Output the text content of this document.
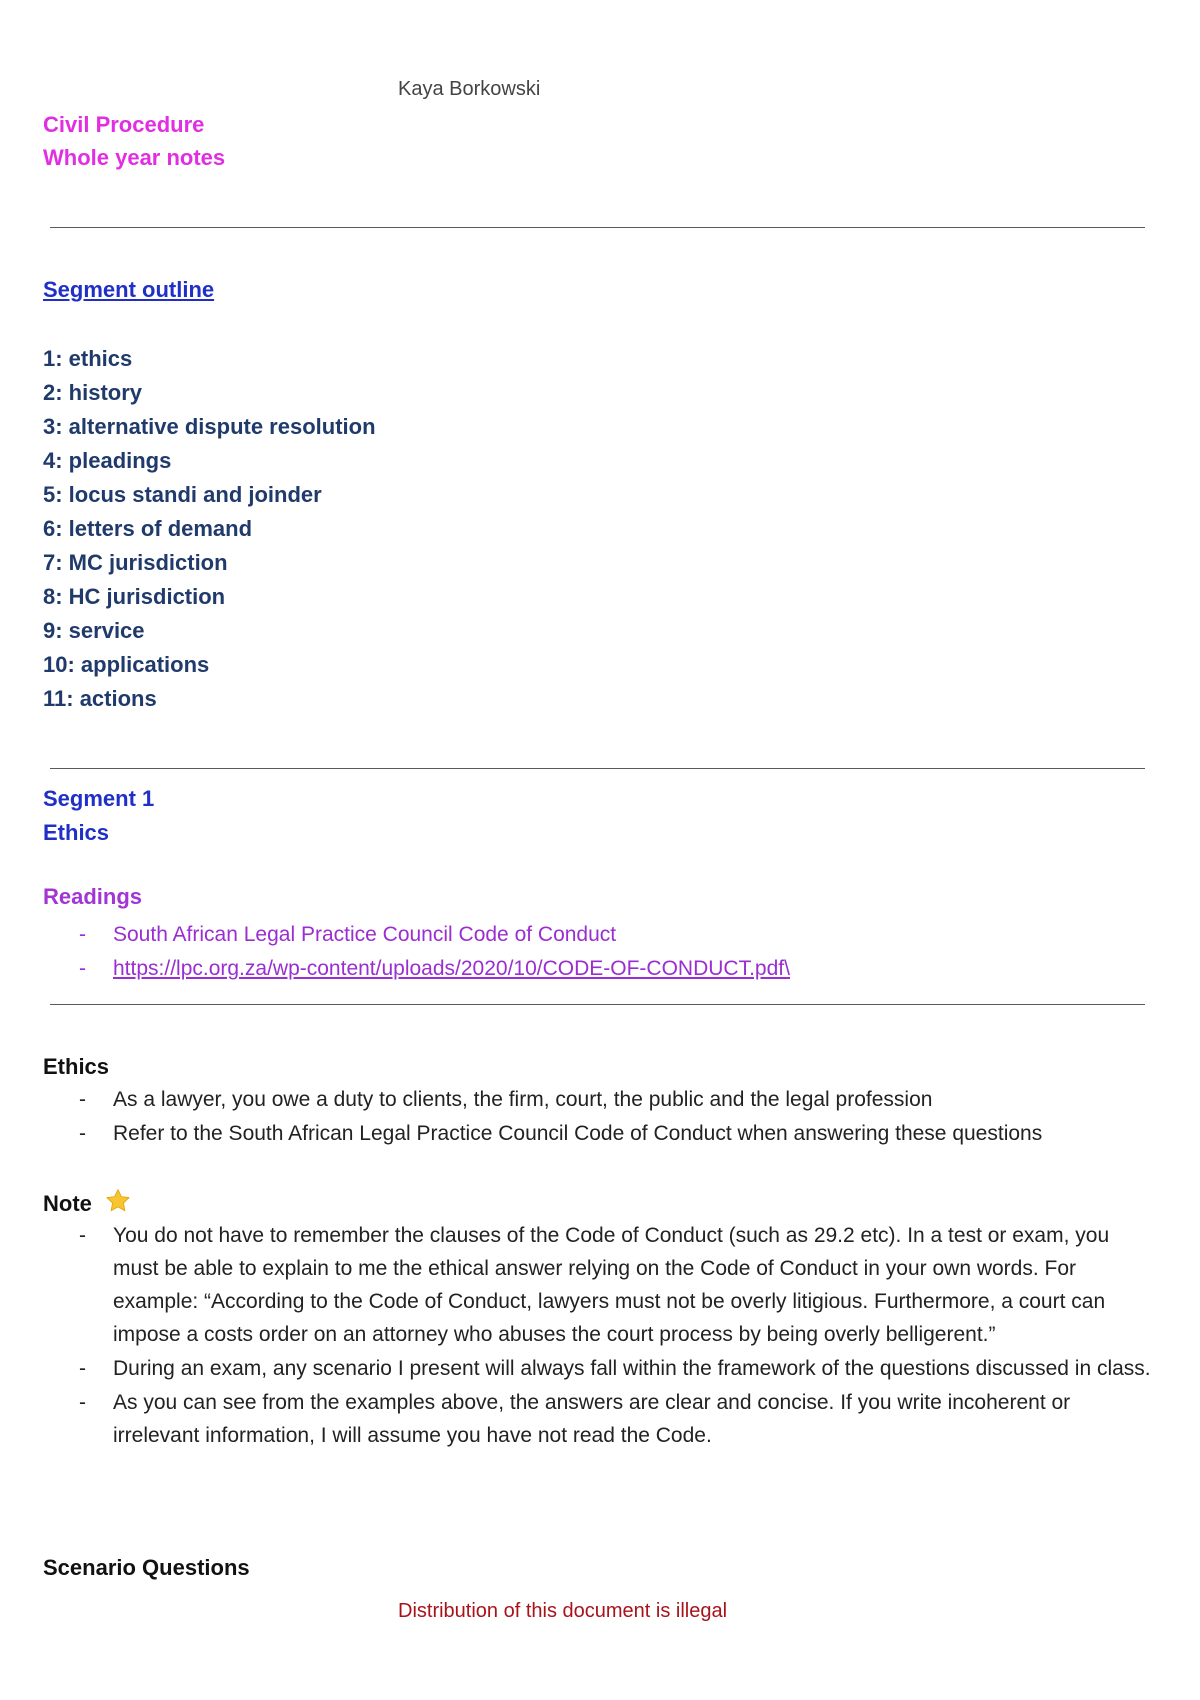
Kaya Borkowski
Civil Procedure
Whole year notes
Segment outline
1: ethics
2: history
3: alternative dispute resolution
4: pleadings
5: locus standi and joinder
6: letters of demand
7: MC jurisdiction
8: HC jurisdiction
9: service
10: applications
11: actions
Segment 1
Ethics
Readings
- South African Legal Practice Council Code of Conduct
- https://lpc.org.za/wp-content/uploads/2020/10/CODE-OF-CONDUCT.pdf\
Ethics
- As a lawyer, you owe a duty to clients, the firm, court, the public and the legal profession
- Refer to the South African Legal Practice Council Code of Conduct when answering these questions
Note
- You do not have to remember the clauses of the Code of Conduct (such as 29.2 etc). In a test or exam, you must be able to explain to me the ethical answer relying on the Code of Conduct in your own words. For example: “According to the Code of Conduct, lawyers must not be overly litigious. Furthermore, a court can impose a costs order on an attorney who abuses the court process by being overly belligerent.”
- During an exam, any scenario I present will always fall within the framework of the questions discussed in class.
- As you can see from the examples above, the answers are clear and concise. If you write incoherent or irrelevant information, I will assume you have not read the Code.
Scenario Questions
Distribution of this document is illegal
